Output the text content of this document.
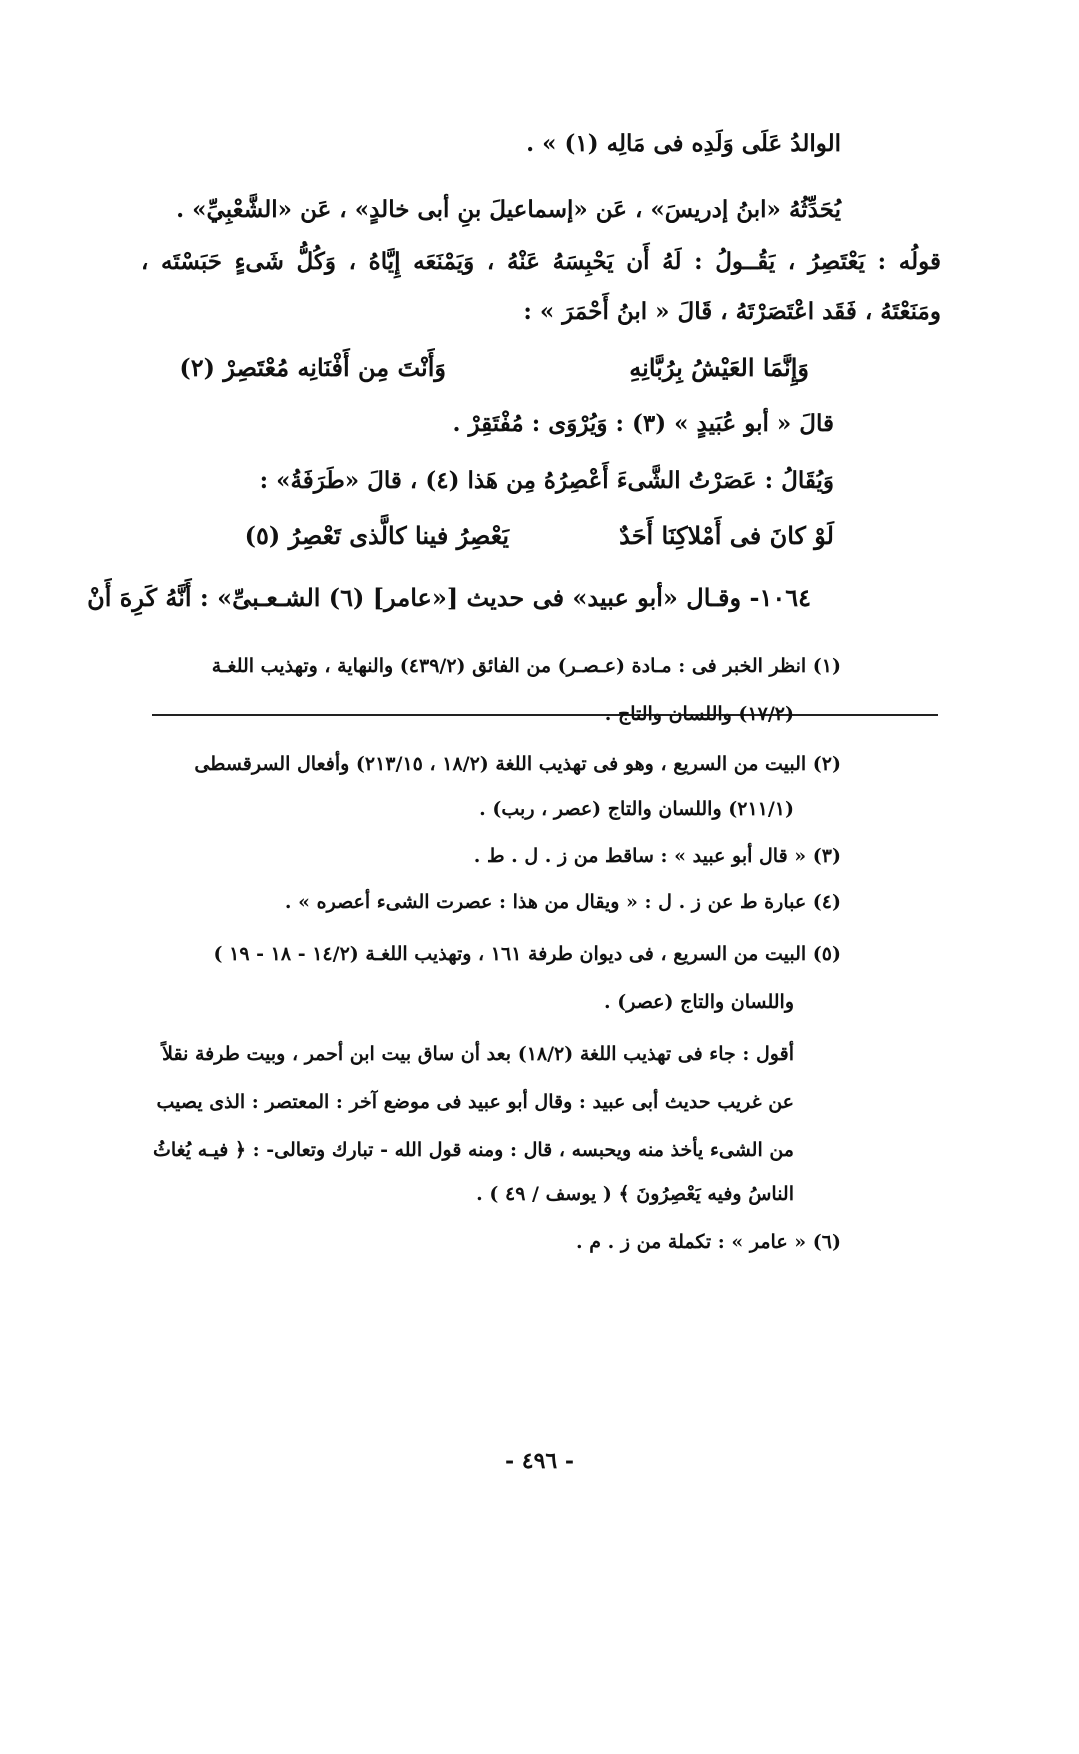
الوالدُ عَلَى وَلَدِه فى مَالِه (١) » .
يُحَدِّثُهُ «ابنُ إدريسَ» ، عَن «إسماعيلَ بنِ أبى خالدٍ» ، عَن «الشَّعْبِيِّ» .
قولُه : يَعْتَصِرُ ، يَقُــولُ : لَهُ أَن يَحْبِسَهُ عَنْهُ ، وَيَمْنَعَه إِيَّاهُ ، وَكُلُّ شَىءٍ حَبَسْتَه ،
ومَنَعْتَهُ ، فَقَد اعْتَصَرْتَهُ ، قَالَ « ابنُ أَحْمَرَ » :
وَإِنَّمَا العَيْشُ بِرُبَّانِهِ
وَأَنْتَ مِن أَفْنَانِه مُعْتَصِرْ (٢)
قالَ « أبو عُبَيدٍ » (٣) : وَيُرْوَى : مُفْتَقِرْ .
وَيُقَالُ : عَصَرْتُ الشَّىءَ أَعْصِرُهُ مِن هَذا (٤) ، قالَ «طَرَفَةُ» :
لَوْ كانَ فى أَمْلاكِنَا أَحَدٌ
يَعْصِرُ فينا كالَّذى تَعْصِرُ (٥)
١٠٦٤- وقـال «أبو عبيد» فى حديث [«عامر] (٦) الشـعـبىِّ» : أَنَّهُ كَرِهَ أَنْ
(١) انظر الخبر فى : مـادة (عـصـر) من الفائق (٤٣٩/٢) والنهاية ، وتهذيب اللغـة
(١٧/٢) واللسان والتاج .
(٢) البيت من السريع ، وهو فى تهذيب اللغة (١٨/٢ ، ٢١٣/١٥) وأفعال السرقسطى
(٢١١/١) واللسان والتاج (عصر ، ربب) .
(٣) « قال أبو عبيد » : ساقط من ز . ل . ط .
(٤) عبارة ط عن ز . ل : « ويقال من هذا : عصرت الشىء أعصره » .
(٥) البيت من السريع ، فى ديوان طرفة ١٦١ ، وتهذيب اللغـة (١٤/٢ - ١٨ - ١٩ )
واللسان والتاج (عصر) .
أقول : جاء فى تهذيب اللغة (١٨/٢) بعد أن ساق بيت ابن أحمر ، وبيت طرفة نقلاً
عن غريب حديث أبى عبيد : وقال أبو عبيد فى موضع آخر : المعتصر : الذى يصيب
من الشىء يأخذ منه ويحبسه ، قال : ومنه قول الله - تبارك وتعالى- : ﴿ فيـه يُغاثُ
الناسُ وفيه يَعْصِرُونَ ﴾ ( يوسف / ٤٩ ) .
(٦) « عامر » : تكملة من ز . م .
- ٤٩٦ -
